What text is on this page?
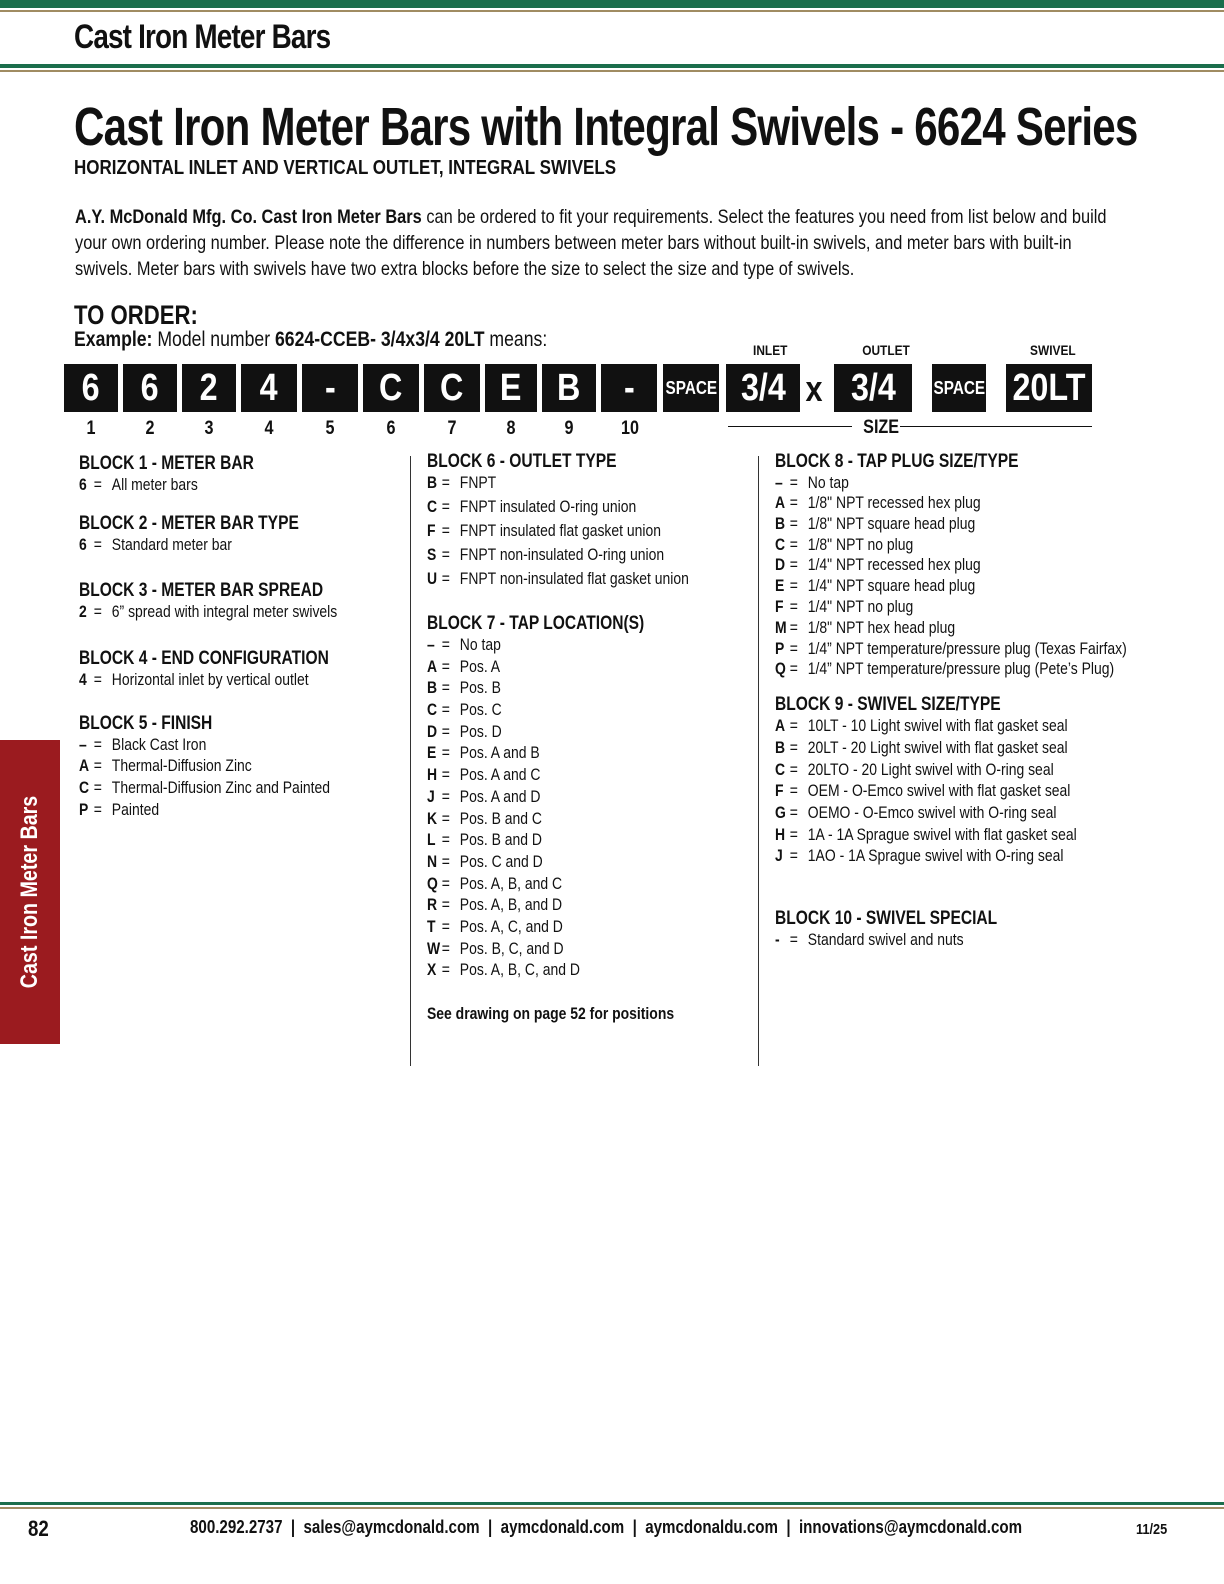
Cast Iron Meter Bars
Cast Iron Meter Bars with Integral Swivels - 6624 Series
HORIZONTAL INLET AND VERTICAL OUTLET, INTEGRAL SWIVELS
A.Y. McDonald Mfg. Co. Cast Iron Meter Bars can be ordered to fit your requirements. Select the features you need from list below and build your own ordering number. Please note the difference in numbers between meter bars without built-in swivels, and meter bars with built-in swivels. Meter bars with swivels have two extra blocks before the size to select the size and type of swivels.
TO ORDER:
Example: Model number 6624-CCEB- 3/4x3/4 20LT means:	INLET	OUTLET	SWIVEL
6 6 2 4 - C C E B - SPACE 3/4 x 3/4 SPACE 20LT
1	2	3	4	5	6	7	8	9	10	SIZE
BLOCK 1 - METER BAR
6 = All meter bars
BLOCK 2 - METER BAR TYPE
6 = Standard meter bar
BLOCK 3 - METER BAR SPREAD
2 = 6” spread with integral meter swivels
BLOCK 4 - END CONFIGURATION
4 = Horizontal inlet by vertical outlet
BLOCK 5 - FINISH
– = Black Cast Iron
A = Thermal-Diffusion Zinc
C = Thermal-Diffusion Zinc and Painted
P = Painted
BLOCK 6 - OUTLET TYPE
B = FNPT
C = FNPT insulated O-ring union
F = FNPT insulated flat gasket union
S = FNPT non-insulated O-ring union
U = FNPT non-insulated flat gasket union
BLOCK 7 - TAP LOCATION(S)
– = No tap
A = Pos. A
B = Pos. B
C = Pos. C
D = Pos. D
E = Pos. A and B
H = Pos. A and C
J = Pos. A and D
K = Pos. B and C
L = Pos. B and D
N = Pos. C and D
Q = Pos. A, B, and C
R = Pos. A, B, and D
T = Pos. A, C, and D
W = Pos. B, C, and D
X = Pos. A, B, C, and D
See drawing on page 52 for positions
BLOCK 8 - TAP PLUG SIZE/TYPE
– = No tap
A = 1/8" NPT recessed hex plug
B = 1/8" NPT square head plug
C = 1/8" NPT no plug
D = 1/4" NPT recessed hex plug
E = 1/4" NPT square head plug
F = 1/4" NPT no plug
M = 1/8" NPT hex head plug
P = 1/4” NPT temperature/pressure plug (Texas Fairfax)
Q = 1/4” NPT temperature/pressure plug (Pete’s Plug)
BLOCK 9 - SWIVEL SIZE/TYPE
A = 10LT - 10 Light swivel with flat gasket seal
B = 20LT - 20 Light swivel with flat gasket seal
C = 20LTO - 20 Light swivel with O-ring seal
F = OEM - O-Emco swivel with flat gasket seal
G = OEMO - O-Emco swivel with O-ring seal
H = 1A - 1A Sprague swivel with flat gasket seal
J = 1AO - 1A Sprague swivel with O-ring seal
BLOCK 10 - SWIVEL SPECIAL
- = Standard swivel and nuts
Cast Iron Meter Bars
82	800.292.2737  |  sales@aymcdonald.com  |  aymcdonald.com  |  aymcdonaldu.com  |  innovations@aymcdonald.com	11/25
